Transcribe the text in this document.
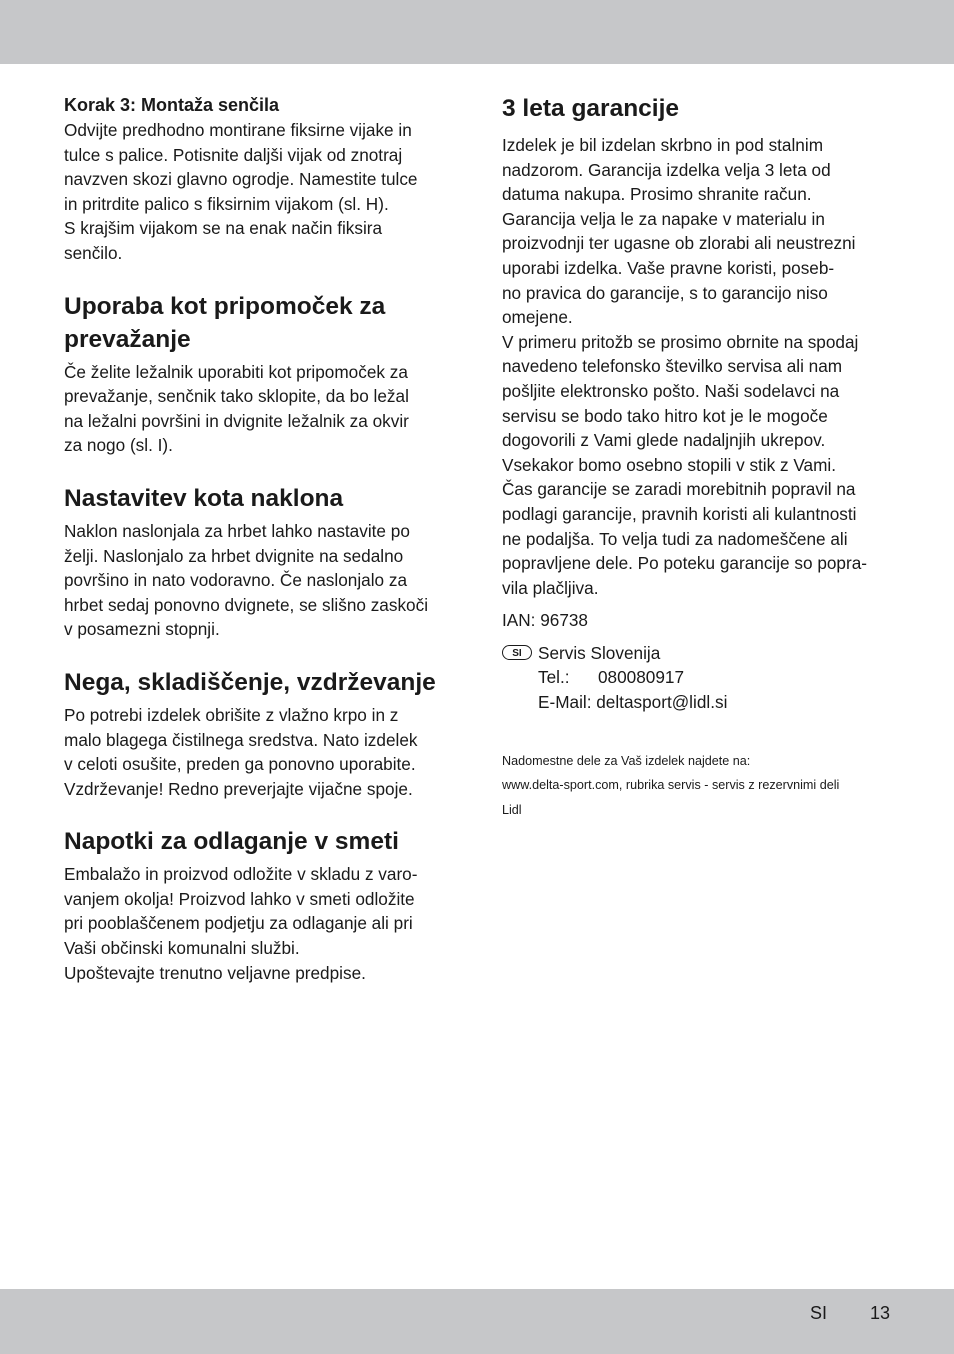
Korak 3: Montaža senčila

Odvijte predhodno montirane fiksirne vijake in

tulce s palice. Potisnite daljši vijak od znotraj

navzven skozi glavno ogrodje. Namestite tulce

in pritrdite palico s fiksirnim vijakom (sl. H).

S krajšim vijakom se na enak način fiksira

senčilo.

Uporaba kot pripomoček za prevažanje

Če želite ležalnik uporabiti kot pripomoček za

prevažanje, senčnik tako sklopite, da bo ležal

na ležalni površini in dvignite ležalnik za okvir

za nogo (sl. I).

Nastavitev kota naklona

Naklon naslonjala za hrbet lahko nastavite po

želji. Naslonjalo za hrbet dvignite na sedalno

površino in nato vodoravno. Če naslonjalo za

hrbet sedaj ponovno dvignete, se slišno zaskoči

v posamezni stopnji.

Nega, skladiščenje, vzdrževanje

Po potrebi izdelek obrišite z vlažno krpo in z

malo blagega čistilnega sredstva. Nato izdelek

v celoti osušite, preden ga ponovno uporabite.

Vzdrževanje! Redno preverjajte vijačne spoje.

Napotki za odlaganje v smeti

Embalažo in proizvod odložite v skladu z varo-

vanjem okolja! Proizvod lahko v smeti odložite

pri pooblaščenem podjetju za odlaganje ali pri

Vaši občinski komunalni službi.

Upoštevajte trenutno veljavne predpise.

3 leta garancije

Izdelek je bil izdelan skrbno in pod stalnim

nadzorom. Garancija izdelka velja 3 leta od

datuma nakupa. Prosimo shranite račun.

Garancija velja le za napake v materialu in

proizvodnji ter ugasne ob zlorabi ali neustrezni

uporabi izdelka. Vaše pravne koristi, poseb-

no pravica do garancije, s to garancijo niso

omejene.

V primeru pritožb se prosimo obrnite na spodaj

navedeno telefonsko številko servisa ali nam

pošljite elektronsko pošto. Naši sodelavci na

servisu se bodo tako hitro kot je le mogoče

dogovorili z Vami glede nadaljnjih ukrepov.

Vsekakor bomo osebno stopili v stik z Vami.

Čas garancije se zaradi morebitnih popravil na

podlagi garancije, pravnih koristi ali kulantnosti

ne podaljša. To velja tudi za nadomeščene ali

popravljene dele. Po poteku garancije so popra-

vila plačljiva.

IAN: 96738

SI Servis Slovenija

Tel.: 080080917

E-Mail: deltasport@lidl.si

Nadomestne dele za Vaš izdelek najdete na:
www.delta-sport.com, rubrika servis - servis z rezervnimi deli
Lidl
SI 13
